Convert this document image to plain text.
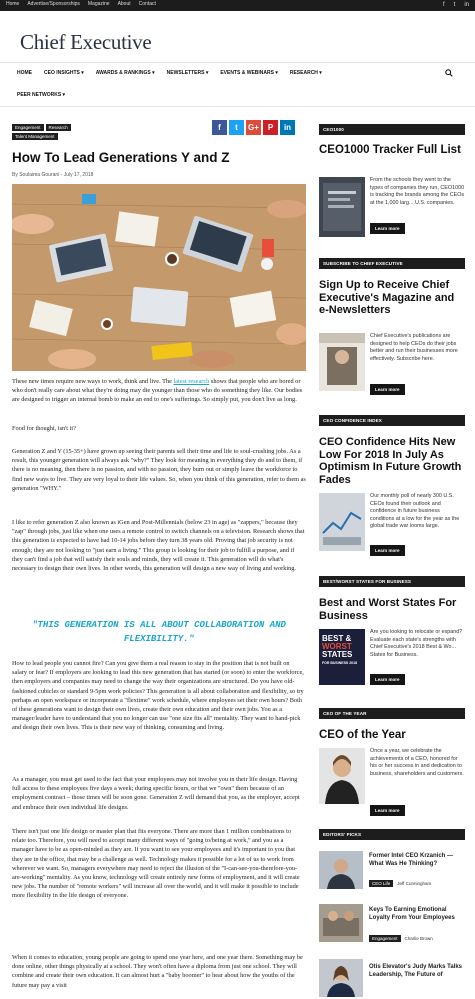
Home Advertise/Sponsorships Magazine About Contact	f t in
Chief Executive
HOME CEO INSIGHTS ▾ AWARDS & RANKINGS ▾ NEWSLETTERS ▾ EVENTS & WEBINARS ▾ RESEARCH ▾
PEER NETWORKS ▾
Engagement	Research
Talent Management
f	t	G+	P	in
How To Lead Generations Y and Z
By Soulaima Gourani - July 17, 2018

These new times require new ways to work, think and live. The latest research shows that people who are bored or who don't really care about what they're doing may die younger than those who do something they like. Our bodies are designed to trigger an internal bomb to make an end to one's sufferings. So simply put, you don't live as long.

Food for thought, isn't it?

Generation Z and Y (15-35+) have grown up seeing their parents sell their time and life to soul-crushing jobs. As a result, this younger generation will always ask "why?" They look for meaning in everything they do and to them, if there is no meaning, then there is no passion, and with no passion, they burn out or simply leave the workforce to find new ways to live. They are very loyal to their life values. So, when you think of this generation, refer to them as generation "WHY."

I like to refer generation Z also known as iGen and Post-Millennials (below 23 in age) as "zappers," because they "zap" through jobs, just like when one uses a remote control to switch channels on a television. Research shows that this generation is expected to have had 10-14 jobs before they turn 38 years old. Proving that job security is not enough; they are not looking to "just earn a living." This group is looking for their job to fulfill a purpose, and if they can't find a job that will satisfy their souls and minds, they will create it. This generation will do what's necessary to design their own lives. In other words, this generation will design a new way of living and working.

How to lead people you cannot fire? Can you give them a real reason to stay in the position that is not built on salary or fear? If employers are looking to lead this new generation that has started (or soon) to enter the workforce, then employers and companies may need to change the way their organizations are structured. Do you have old-fashioned cubicles or standard 9-5pm work policies? This generation is all about collaboration and flexibility, so try perhaps an open workspace or incorporate a "flextime" work schedule, where employees set their own hours? Both of these generations want to design their own lives, create their own education and their own jobs. You as a manager/leader have to understand that you no longer can use "one size fits all" mentality. They want to hand-pick and design their own lives. This is their new way of thinking, consuming and living.

As a manager, you must get used to the fact that your employees may not involve you in their life design. Having full access to these employees five days a week; during specific hours, or that we "own" them because of an employment contract – those times will be soon gone. Generation Z will demand that you, as the employer, accept and embrace their own individual life designs.

There isn't just one life design or master plan that fits everyone. There are more than 1 million combinations to relate too. Therefore, you will need to accept many different ways of "going to/being at work," and you as a manager have to be as open-minded as they are. If you want to see your employees and it's important to you that they are in the office, that may be a challenge as well. Technology makes it possible for a lot of us to work from wherever we want. So, managers everywhere may need to reject the illusion of the "I-can-see-you-therefore-you-are-working" mentality. As you know, technology will create entirely new forms of employment, and it will create new jobs. The number of "remote workers" will increase all over the world, and it will make it possible to include more flexibility in the life design of everyone.

When it comes to education, young people are going to spend one year here, and one year there. Something may be done online, other things physically at a school. They won't often have a diploma from just one school. They will combine and create their own education. It can almost hurt a "baby boomer" to hear about how the youths of the future may pay a visit

"THIS GENERATION IS ALL ABOUT COLLABORATION AND FLEXIBILITY."
CEO1000
CEO1000 Tracker Full List
From the schools they went to the types of companies they run, CEO1000 is tracking the brands among the CEOs at the 1,000 larg... U.S. companies.
Learn more
SUBSCRIBE TO CHIEF EXECUTIVE
Sign Up to Receive Chief Executive's Magazine and e-Newsletters
Chief Executive's publications are designed to help CEOs do their jobs better and run their businesses more effectively. Subscribe here.
Learn more
CEO CONFIDENCE INDEX
CEO Confidence Hits New Low For 2018 In July As Optimism In Future Growth Fades
Our monthly poll of nearly 300 U.S. CEOs found their outlook and confidence in future business conditions at a low for the year as the global trade war looms large.
Learn more
BEST/WORST STATES FOR BUSINESS
Best and Worst States For Business
BEST &
WORST
STATES
FOR BUSINESS 2018
Are you looking to relocate or expand? Evaluate each state's strengths with Chief Executive's 2018 Best & Wo... States for Business.
Learn more
CEO OF THE YEAR
CEO of the Year
Once a year, we celebrate the achievements of a CEO, honored for his or her success in and dedication to business, shareholders and customers.
Learn more
EDITORS' PICKS
Former Intel CEO Krzanich — What Was He Thinking?
CEO Life	Jeff Cunningham
Keys To Earning Emotional Loyalty From Your Employees
Engagement	Charlie Brown
Otis Elevator's Judy Marks Talks Leadership, The Future of
